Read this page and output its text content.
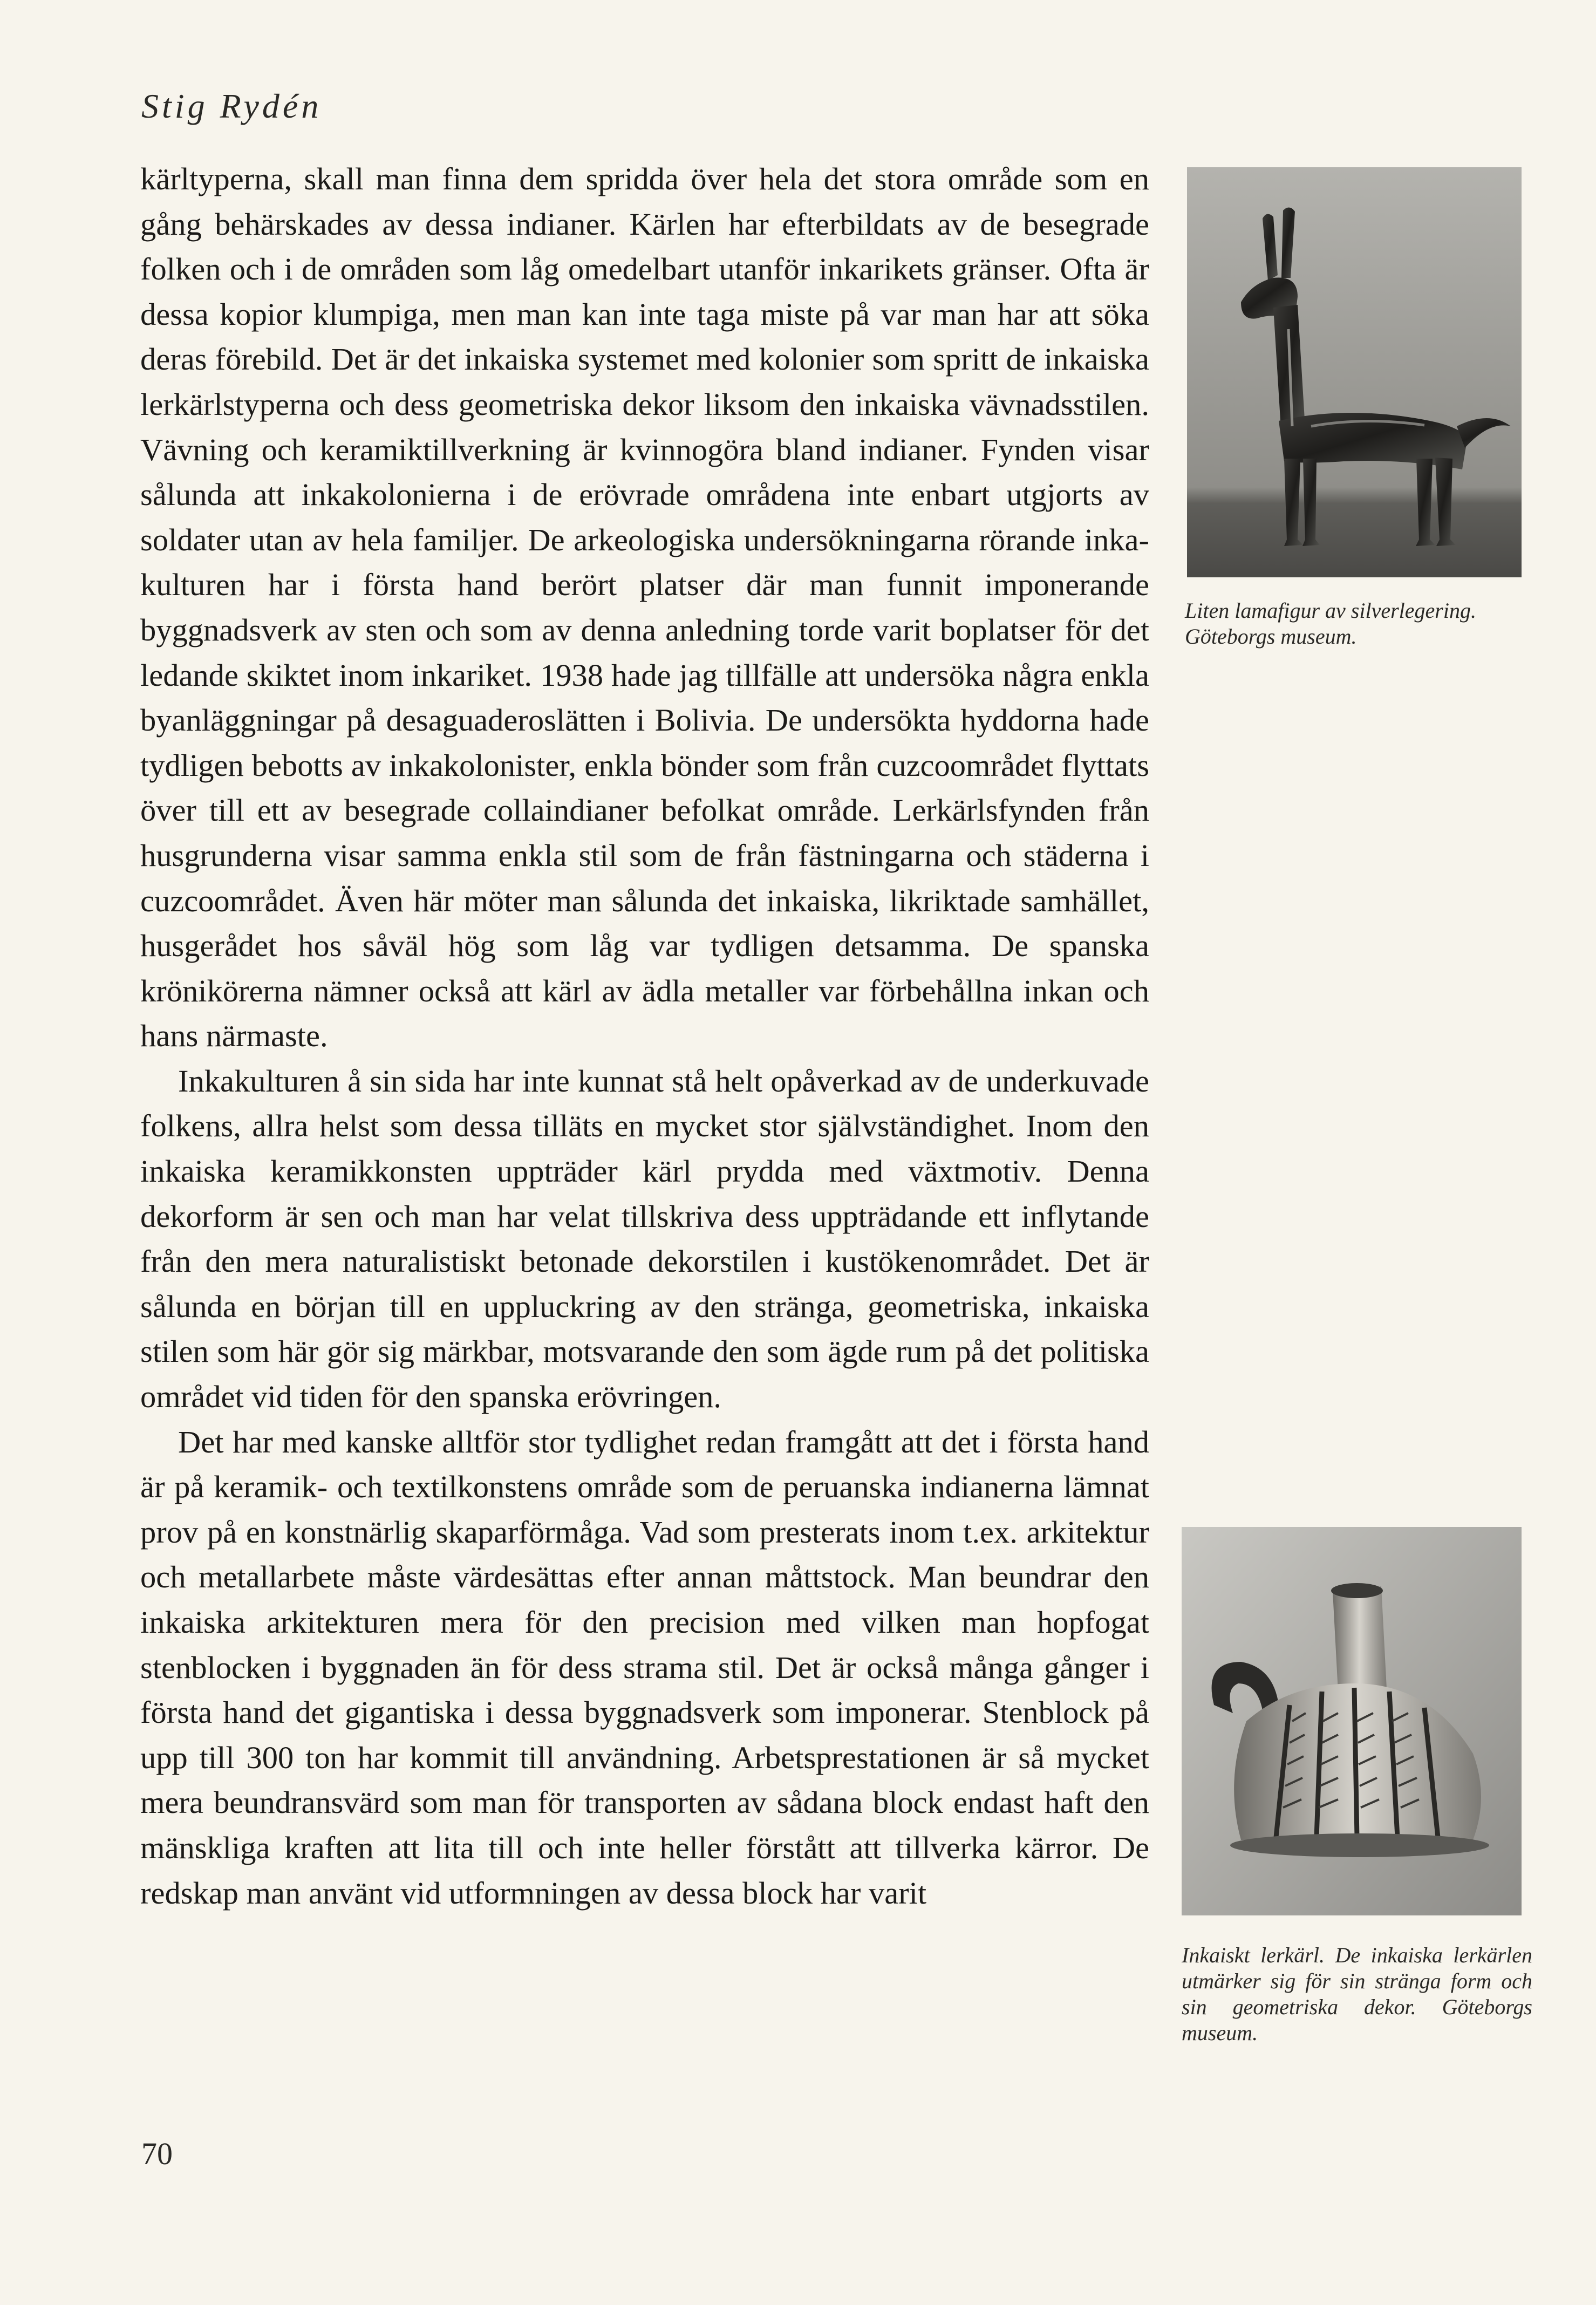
Stig Rydén

kärltyperna, skall man finna dem spridda över hela det stora område som en gång behärskades av dessa indianer. Kärlen har efterbildats av de besegrade folken och i de områden som låg omedelbart utanför inkarikets gränser. Ofta är dessa kopior klumpiga, men man kan inte taga miste på var man har att söka deras förebild. Det är det inkaiska systemet med kolonier som spritt de inkaiska lerkärlstyperna och dess geometriska dekor liksom den inkaiska vävnadsstilen. Vävning och keramiktillverkning är kvinnogöra bland indianer. Fynden visar sålunda att inkakolonierna i de erövrade områdena inte enbart utgjorts av soldater utan av hela familjer. De arkeologiska undersökningarna rörande inkakulturen har i första hand berört platser där man funnit imponerande byggnadsverk av sten och som av denna anledning torde varit boplatser för det ledande skiktet inom inkariket. 1938 hade jag tillfälle att undersöka några enkla byanläggningar på desaguaderoslätten i Bolivia. De undersökta hyddorna hade tydligen bebotts av inkakolonister, enkla bönder som från cuzcoområdet flyttats över till ett av besegrade collaindianer befolkat område. Lerkärlsfynden från husgrunderna visar samma enkla stil som de från fästningarna och städerna i cuzcoområdet. Även här möter man sålunda det inkaiska, likriktade samhället, husgerådet hos såväl hög som låg var tydligen detsamma. De spanska krönikörerna nämner också att kärl av ädla metaller var förbehållna inkan och hans närmaste.

Inkakulturen å sin sida har inte kunnat stå helt opåverkad av de underkuvade folkens, allra helst som dessa tilläts en mycket stor självständighet. Inom den inkaiska keramikkonsten uppträder kärl prydda med växtmotiv. Denna dekorform är sen och man har velat tillskriva dess uppträdande ett inflytande från den mera naturalistiskt betonade dekorstilen i kustökenområdet. Det är sålunda en början till en uppluckring av den stränga, geometriska, inkaiska stilen som här gör sig märkbar, motsvarande den som ägde rum på det politiska området vid tiden för den spanska erövringen.

Det har med kanske alltför stor tydlighet redan framgått att det i första hand är på keramik- och textilkonstens område som de peruanska indianerna lämnat prov på en konstnärlig skaparförmåga. Vad som presterats inom t.ex. arkitektur och metallarbete måste värdesättas efter annan måttstock. Man beundrar den inkaiska arkitekturen mera för den precision med vilken man hopfogat stenblocken i byggnaden än för dess strama stil. Det är också många gånger i första hand det gigantiska i dessa byggnadsverk som imponerar. Stenblock på upp till 300 ton har kommit till användning. Arbetsprestationen är så mycket mera beundransvärd som man för transporten av sådana block endast haft den mänskliga kraften att lita till och inte heller förstått att tillverka kärror. De redskap man använt vid utformningen av dessa block har varit

Liten lamafigur av silverlegering. Göteborgs museum.
Inkaiskt lerkärl. De inkaiska lerkärlen utmärker sig för sin stränga form och sin geometriska dekor. Göteborgs museum.
70
